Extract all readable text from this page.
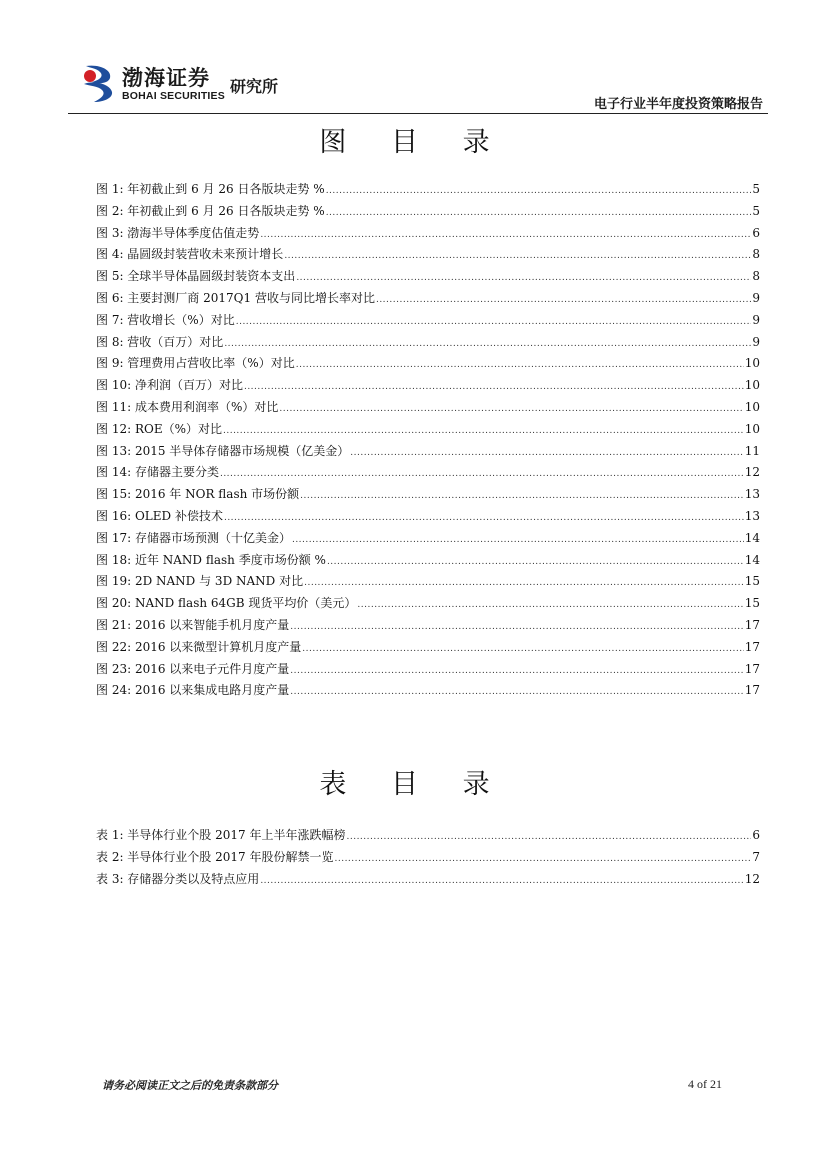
渤海证券
BOHAI SECURITIES 研究所
电子行业半年度投资策略报告
图 目 录
图 1: 年初截止到 6 月 26 日各版块走势 % .....	5
图 2: 年初截止到 6 月 26 日各版块走势 % .....	5
图 3: 渤海半导体季度估值走势 .....	6
图 4: 晶圆级封装营收未来预计增长 .....	8
图 5: 全球半导体晶圆级封装资本支出 .....	8
图 6: 主要封测厂商 2017Q1 营收与同比增长率对比 .....	9
图 7: 营收增长（%）对比 .....	9
图 8: 营收（百万）对比 .....	9
图 9: 管理费用占营收比率（%）对比 .....	10
图 10: 净利润（百万）对比 .....	10
图 11: 成本费用利润率（%）对比 .....	10
图 12: ROE（%）对比 .....	10
图 13: 2015 半导体存储器市场规模（亿美金） .....	11
图 14: 存储器主要分类 .....	12
图 15: 2016 年 NOR flash 市场份额 .....	13
图 16: OLED 补偿技术 .....	13
图 17: 存储器市场预测（十亿美金） .....	14
图 18: 近年 NAND flash 季度市场份额 % .....	14
图 19: 2D NAND 与 3D NAND 对比 .....	15
图 20: NAND flash 64GB 现货平均价（美元） .....	15
图 21: 2016 以来智能手机月度产量 .....	17
图 22: 2016 以来微型计算机月度产量 .....	17
图 23: 2016 以来电子元件月度产量 .....	17
图 24: 2016 以来集成电路月度产量 .....	17
表 目 录
表 1: 半导体行业个股 2017 年上半年涨跌幅榜 .....	6
表 2: 半导体行业个股 2017 年股份解禁一览 .....	7
表 3: 存储器分类以及特点应用 .....	12
请务必阅读正文之后的免责条款部分	4 of 21
